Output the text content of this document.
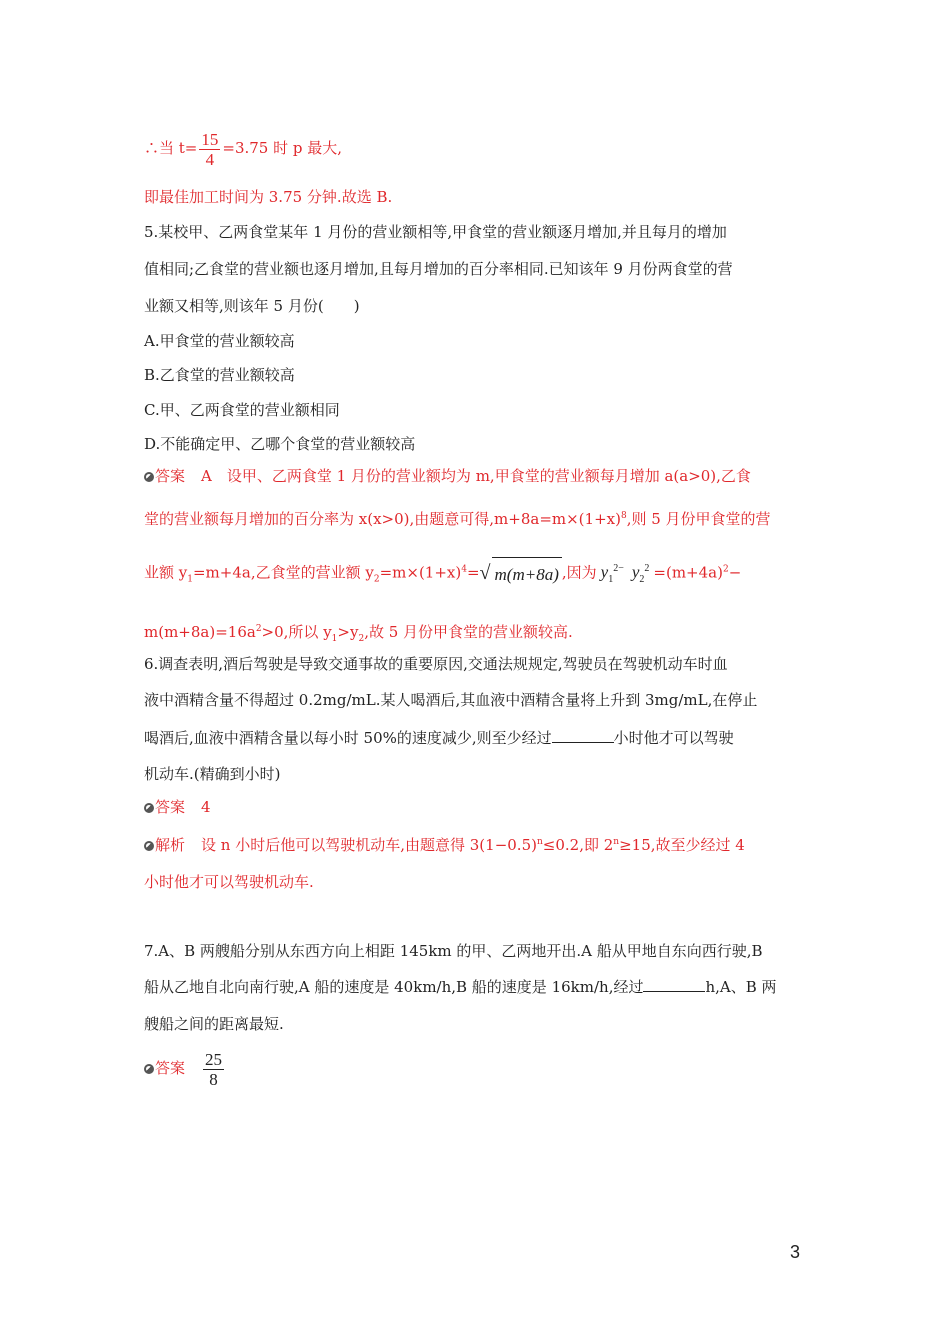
∴当 $t= \frac{15}{4} =3.75$ 时 p 最大,
即最佳加工时间为 3.75 分钟.故选 B.
5.某校甲、乙两食堂某年 1 月份的营业额相等,甲食堂的营业额逐月增加,并且每月的增加
值相同;乙食堂的营业额也逐月增加,且每月增加的百分率相同.已知该年 9 月份两食堂的营
业额又相等,则该年 5 月份(　　)
A.甲食堂的营业额较高
B.乙食堂的营业额较高
C.甲、乙两食堂的营业额相同
D.不能确定甲、乙哪个食堂的营业额较高
答案 A　设甲、乙两食堂 1 月份的营业额均为 m,甲食堂的营业额每月增加 a(a>0),乙食
堂的营业额每月增加的百分率为 x(x>0),由题意可得$,m+8a=m\times(1+x)^8$,则 5 月份甲食堂的营
业额 $y_1=m+4a$,乙食堂的营业额 $y_2=m\times(1+x)^4=$ √ m(m+8a) ,因为 $y_1^{2-}$ $y_2^2 =(m+4a)^2-$
$m(m+8a)=16a^2>0$,所以 $y_1>y_2$,故 5 月份甲食堂的营业额较高.
6.调查表明,酒后驾驶是导致交通事故的重要原因,交通法规规定,驾驶员在驾驶机动车时血
液中酒精含量不得超过 0.2mg/mL.某人喝酒后,其血液中酒精含量将上升到 3mg/mL,在停止
喝酒后,血液中酒精含量以每小时 50%的速度减少,则至少经过	小时他才可以驾驶
机动车.(精确到小时)
答案 4
解析 设 n 小时后他可以驾驶机动车,由题意得 $3(1-0.5)^n\le 0.2$,即 $2^n\ge 15$,故至少经过 4
小时他才可以驾驶机动车.
7.A、B 两艘船分别从东西方向上相距 145km 的甲、乙两地开出.A 船从甲地自东向西行驶,B
船从乙地自北向南行驶,A 船的速度是 40km/h,B 船的速度是 16km/h,经过	h,A、B 两
艘船之间的距离最短.
答案 $\frac{25}{8}$
3
